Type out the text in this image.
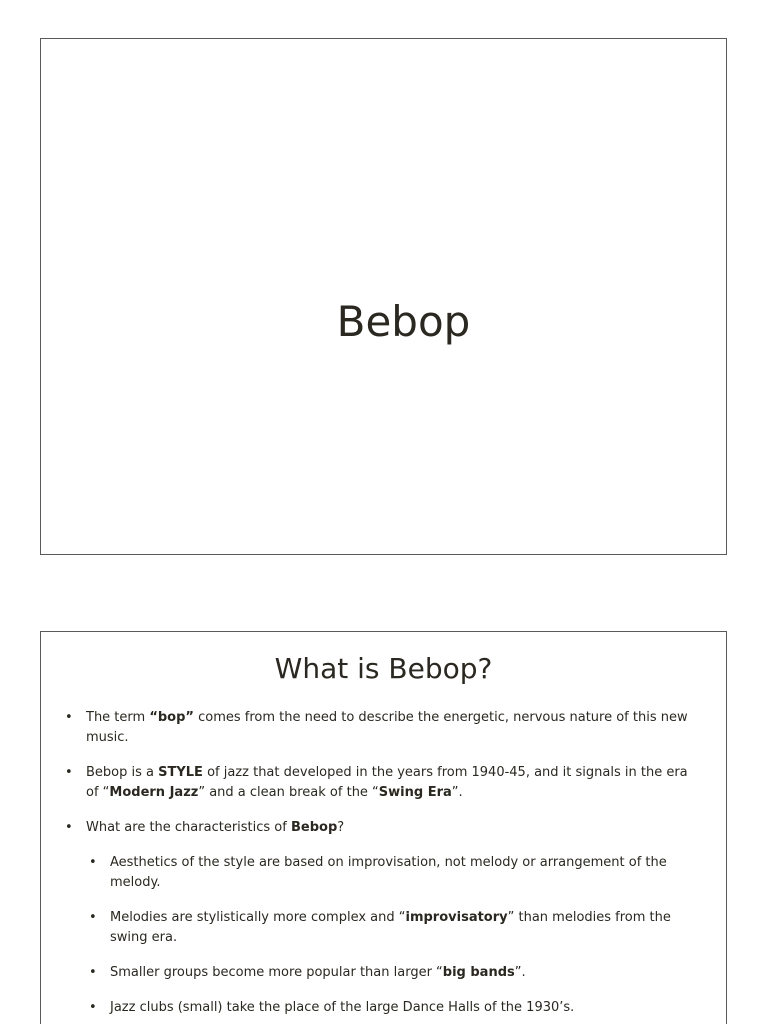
Bebop
What is Bebop?
• The term “bop” comes from the need to describe the energetic, nervous nature of this new music.
• Bebop is a STYLE of jazz that developed in the years from 1940-45, and it signals in the era of “Modern Jazz” and a clean break of the “Swing Era”.
• What are the characteristics of Bebop?
• Aesthetics of the style are based on improvisation, not melody or arrangement of the melody.
• Melodies are stylistically more complex and “improvisatory” than melodies from the swing era.
• Smaller groups become more popular than larger “big bands”.
• Jazz clubs (small) take the place of the large Dance Halls of the 1930’s.
